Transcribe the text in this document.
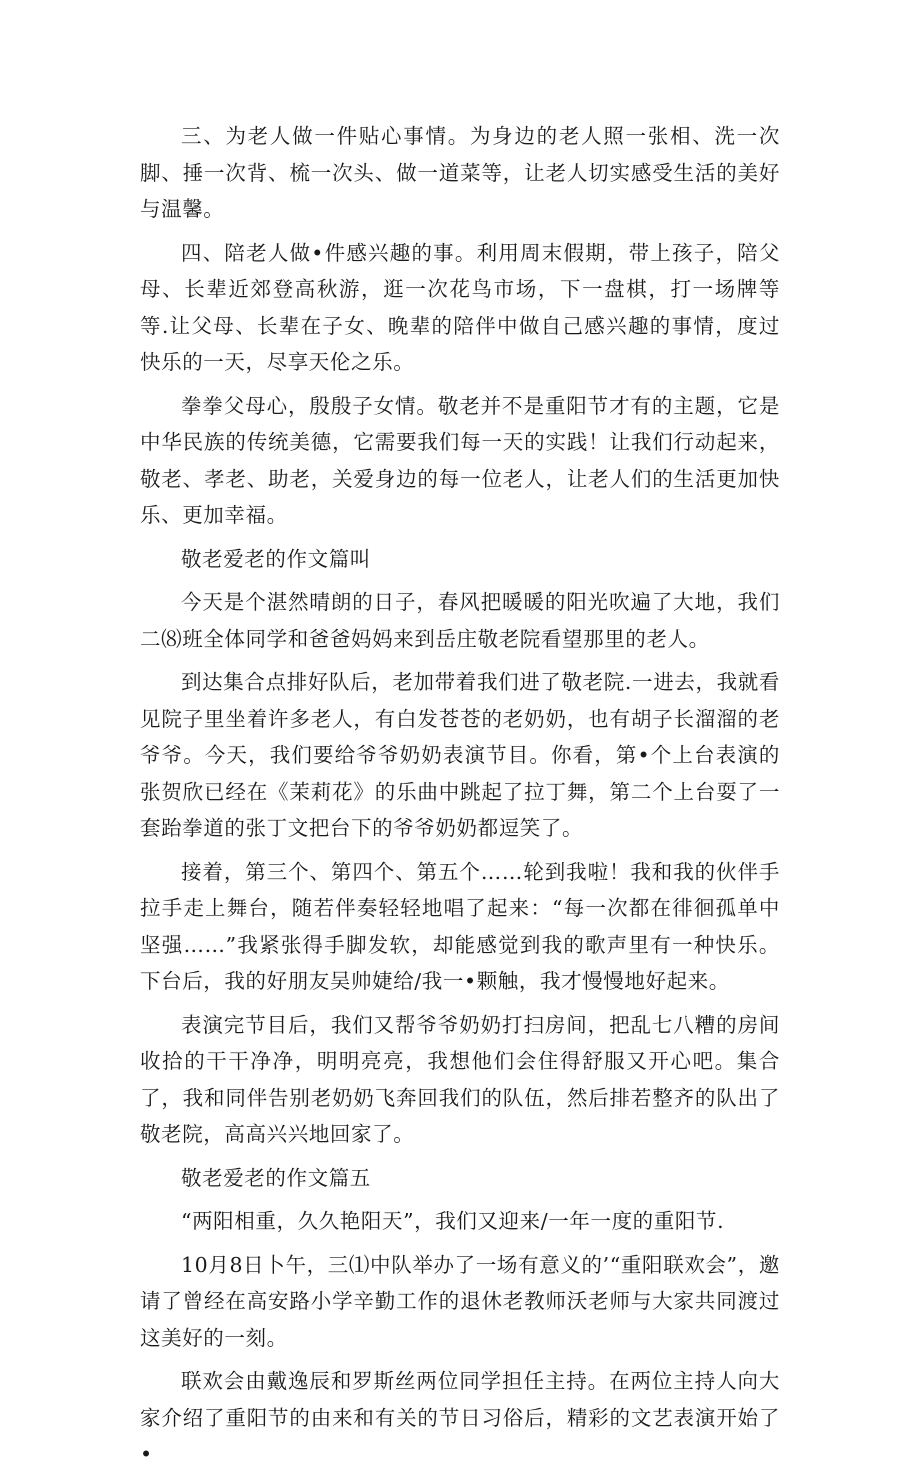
三、为老人做一件贴心事情。为身边的老人照一张相、洗一次脚、捶一次背、梳一次头、做一道菜等，让老人切实感受生活的美好与温馨。

四、陪老人做•件感兴趣的事。利用周末假期，带上孩子，陪父母、长辈近郊登高秋游，逛一次花鸟市场，下一盘棋，打一场牌等等.让父母、长辈在子女、晚辈的陪伴中做自己感兴趣的事情，度过快乐的一天，尽享天伦之乐。

拳拳父母心，殷殷子女情。敬老并不是重阳节才有的主题，它是中华民族的传统美德，它需要我们每一天的实践！让我们行动起来，敬老、孝老、助老，关爱身边的每一位老人，让老人们的生活更加快乐、更加幸福。

敬老爱老的作文篇叫

今天是个湛然晴朗的日子，春风把暖暖的阳光吹遍了大地，我们二⑻班全体同学和爸爸妈妈来到岳庄敬老院看望那里的老人。

到达集合点排好队后，老加带着我们进了敬老院.一进去，我就看见院子里坐着许多老人，有白发苍苍的老奶奶，也有胡子长溜溜的老爷爷。今天，我们要给爷爷奶奶表演节目。你看，第•个上台表演的张贺欣已经在《茉莉花》的乐曲中跳起了拉丁舞，第二个上台耍了一套跆拳道的张丁文把台下的爷爷奶奶都逗笑了。

接着，第三个、第四个、第五个……轮到我啦！我和我的伙伴手拉手走上舞台，随若伴奏轻轻地唱了起来：“每一次都在徘徊孤单中坚强……”我紧张得手脚发软，却能感觉到我的歌声里有一种快乐。下台后，我的好朋友吴帅婕给/我一•颗触，我才慢慢地好起来。

表演完节目后，我们又帮爷爷奶奶打扫房间，把乱七八糟的房间收拾的干干净净，明明亮亮，我想他们会住得舒服又开心吧。集合了，我和同伴告别老奶奶飞奔回我们的队伍，然后排若整齐的队出了敬老院，高高兴兴地回家了。

敬老爱老的作文篇五

“两阳相重，久久艳阳天”，我们又迎来/一年一度的重阳节.

10月8日卜午，三⑴中队举办了一场有意义的’“重阳联欢会”，邀请了曾经在高安路小学辛勤工作的退休老教师沃老师与大家共同渡过这美好的一刻。

联欢会由戴逸辰和罗斯丝两位同学担任主持。在两位主持人向大家介绍了重阳节的由来和有关的节日习俗后，精彩的文艺表演开始了•
